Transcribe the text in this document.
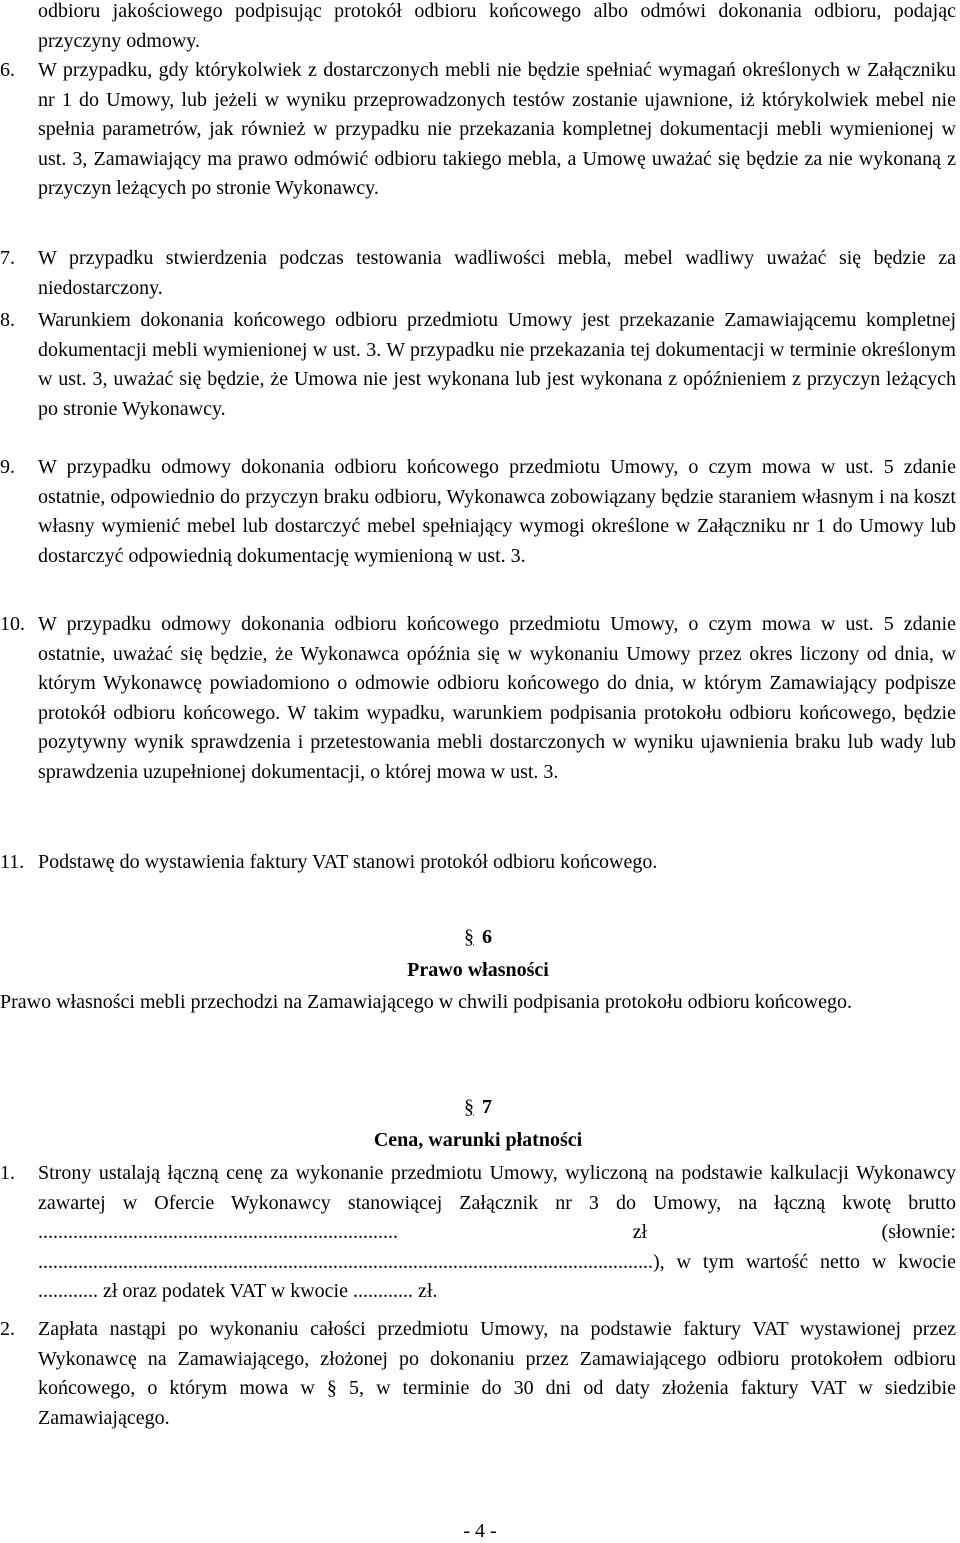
odbioru jakościowego podpisując protokół odbioru końcowego albo odmówi dokonania odbioru, podając przyczyny odmowy.
6. W przypadku, gdy którykolwiek z dostarczonych mebli nie będzie spełniać wymagań określonych w Załączniku nr 1 do Umowy, lub jeżeli w wyniku przeprowadzonych testów zostanie ujawnione, iż którykolwiek mebel nie spełnia parametrów, jak również w przypadku nie przekazania kompletnej dokumentacji mebli wymienionej w ust. 3, Zamawiający ma prawo odmówić odbioru takiego mebla, a Umowę uważać się będzie za nie wykonaną z przyczyn leżących po stronie Wykonawcy.
7. W przypadku stwierdzenia podczas testowania wadliwości mebla, mebel wadliwy uważać się będzie za niedostarczony.
8. Warunkiem dokonania końcowego odbioru przedmiotu Umowy jest przekazanie Zamawiającemu kompletnej dokumentacji mebli wymienionej w ust. 3. W przypadku nie przekazania tej dokumentacji w terminie określonym w ust. 3, uważać się będzie, że Umowa nie jest wykonana lub jest wykonana z opóźnieniem z przyczyn leżących po stronie Wykonawcy.
9. W przypadku odmowy dokonania odbioru końcowego przedmiotu Umowy, o czym mowa w ust. 5 zdanie ostatnie, odpowiednio do przyczyn braku odbioru, Wykonawca zobowiązany będzie staraniem własnym i na koszt własny wymienić mebel lub dostarczyć mebel spełniający wymogi określone w Załączniku nr 1 do Umowy lub dostarczyć odpowiednią dokumentację wymienioną w ust. 3.
10. W przypadku odmowy dokonania odbioru końcowego przedmiotu Umowy, o czym mowa w ust. 5 zdanie ostatnie, uważać się będzie, że Wykonawca opóźnia się w wykonaniu Umowy przez okres liczony od dnia, w którym Wykonawcę powiadomiono o odmowie odbioru końcowego do dnia, w którym Zamawiający podpisze protokół odbioru końcowego. W takim wypadku, warunkiem podpisania protokołu odbioru końcowego, będzie pozytywny wynik sprawdzenia i przetestowania mebli dostarczonych w wyniku ujawnienia braku lub wady lub sprawdzenia uzupełnionej dokumentacji, o której mowa w ust. 3.
11. Podstawę do wystawienia faktury VAT stanowi protokół odbioru końcowego.
§ 6
Prawo własności
Prawo własności mebli przechodzi na Zamawiającego w chwili podpisania protokołu odbioru końcowego.
§ 7
Cena, warunki płatności
1. Strony ustalają łączną cenę za wykonanie przedmiotu Umowy, wyliczoną na podstawie kalkulacji Wykonawcy zawartej w Ofercie Wykonawcy stanowiącej Załącznik nr 3 do Umowy, na łączną kwotę brutto ........................................................................ zł (słownie: ...........................................................................................................................), w tym wartość netto w kwocie ............ zł oraz podatek VAT w kwocie ............ zł.
2. Zapłata nastąpi po wykonaniu całości przedmiotu Umowy, na podstawie faktury VAT wystawionej przez Wykonawcę na Zamawiającego, złożonej po dokonaniu przez Zamawiającego odbioru protokołem odbioru końcowego, o którym mowa w § 5, w terminie do 30 dni od daty złożenia faktury VAT w siedzibie Zamawiającego.
- 4 -
